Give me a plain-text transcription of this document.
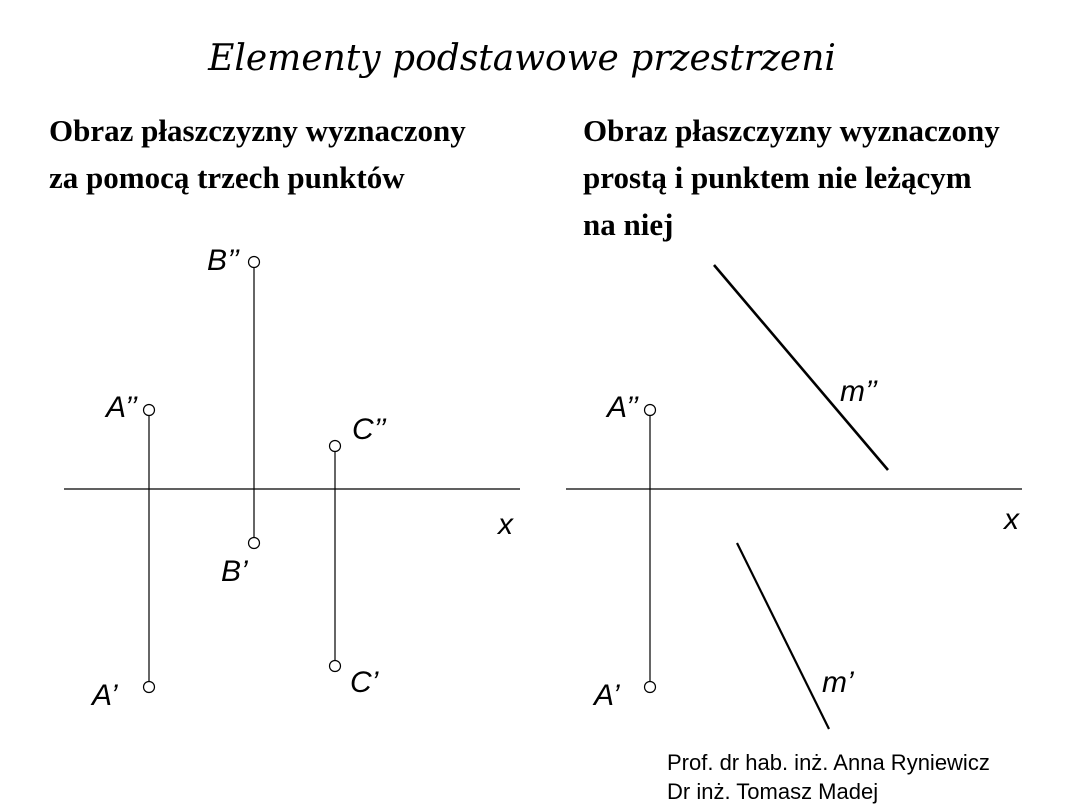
Elementy podstawowe przestrzeni
Obraz płaszczyzny wyznaczony
za pomocą trzech punktów
Obraz płaszczyzny wyznaczony
prostą i punktem nie leżącym
na niej
B’’
A’’
C’’
x
B’
C’
A’
A’’	m’’
x
m’
A’
Prof. dr hab. inż. Anna Ryniewicz
Dr inż. Tomasz Madej
